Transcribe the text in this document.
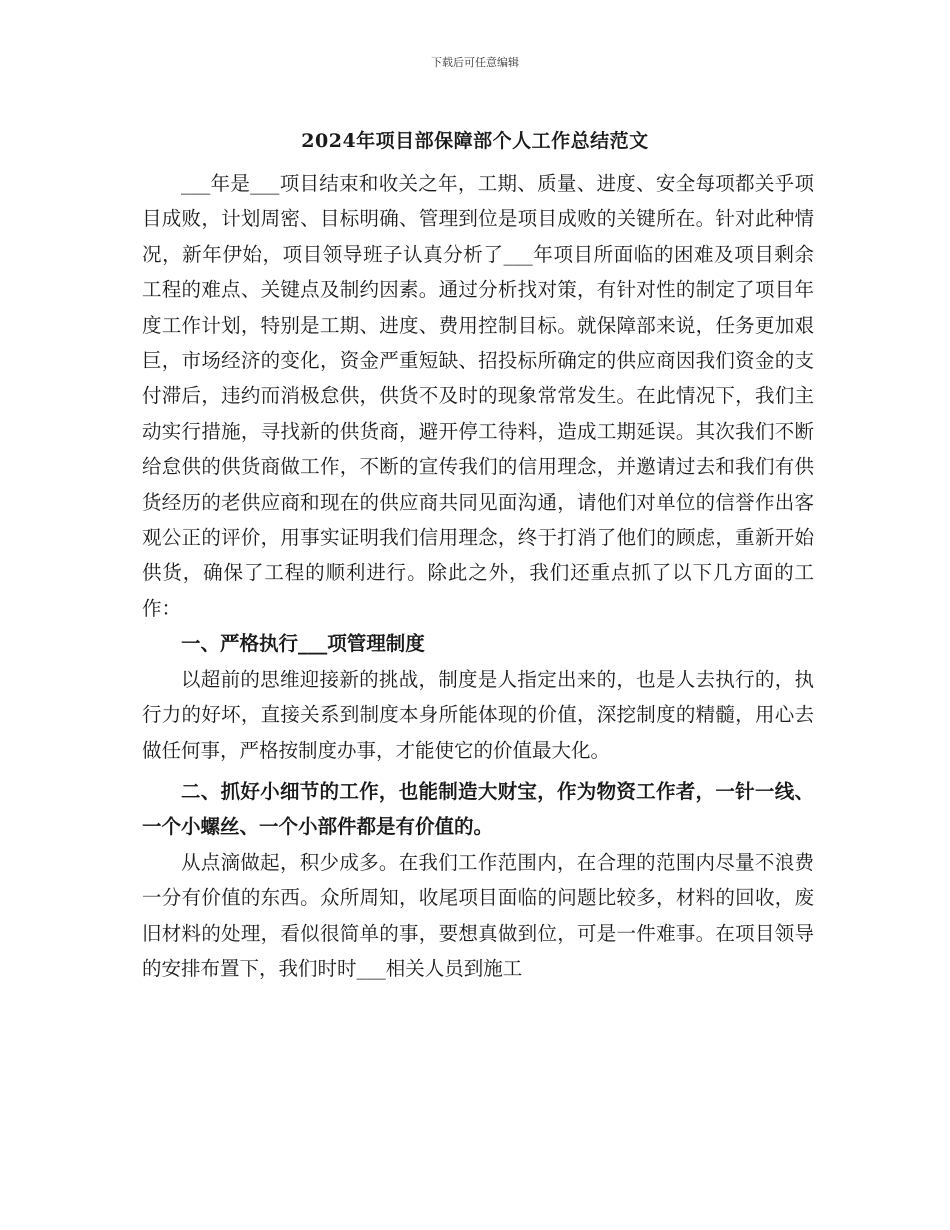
下载后可任意编辑
2024年项目部保障部个人工作总结范文

___年是___项目结束和收关之年，工期、质量、进度、安全每项都关乎项目成败，计划周密、目标明确、管理到位是项目成败的关键所在。针对此种情况，新年伊始，项目领导班子认真分析了___年项目所面临的困难及项目剩余工程的难点、关键点及制约因素。通过分析找对策，有针对性的制定了项目年度工作计划，特别是工期、进度、费用控制目标。就保障部来说，任务更加艰巨，市场经济的变化，资金严重短缺、招投标所确定的供应商因我们资金的支付滞后，违约而消极怠供，供货不及时的现象常常发生。在此情况下，我们主动实行措施，寻找新的供货商，避开停工待料，造成工期延误。其次我们不断给怠供的供货商做工作，不断的宣传我们的信用理念，并邀请过去和我们有供货经历的老供应商和现在的供应商共同见面沟通，请他们对单位的信誉作出客观公正的评价，用事实证明我们信用理念，终于打消了他们的顾虑，重新开始供货，确保了工程的顺利进行。除此之外，我们还重点抓了以下几方面的工作：

一、严格执行___项管理制度

以超前的思维迎接新的挑战，制度是人指定出来的，也是人去执行的，执行力的好坏，直接关系到制度本身所能体现的价值，深挖制度的精髓，用心去做任何事，严格按制度办事，才能使它的价值最大化。

二、抓好小细节的工作，也能制造大财宝，作为物资工作者，一针一线、一个小螺丝、一个小部件都是有价值的。

从点滴做起，积少成多。在我们工作范围内，在合理的范围内尽量不浪费一分有价值的东西。众所周知，收尾项目面临的问题比较多，材料的回收，废旧材料的处理，看似很简单的事，要想真做到位，可是一件难事。在项目领导的安排布置下，我们时时___相关人员到施工
